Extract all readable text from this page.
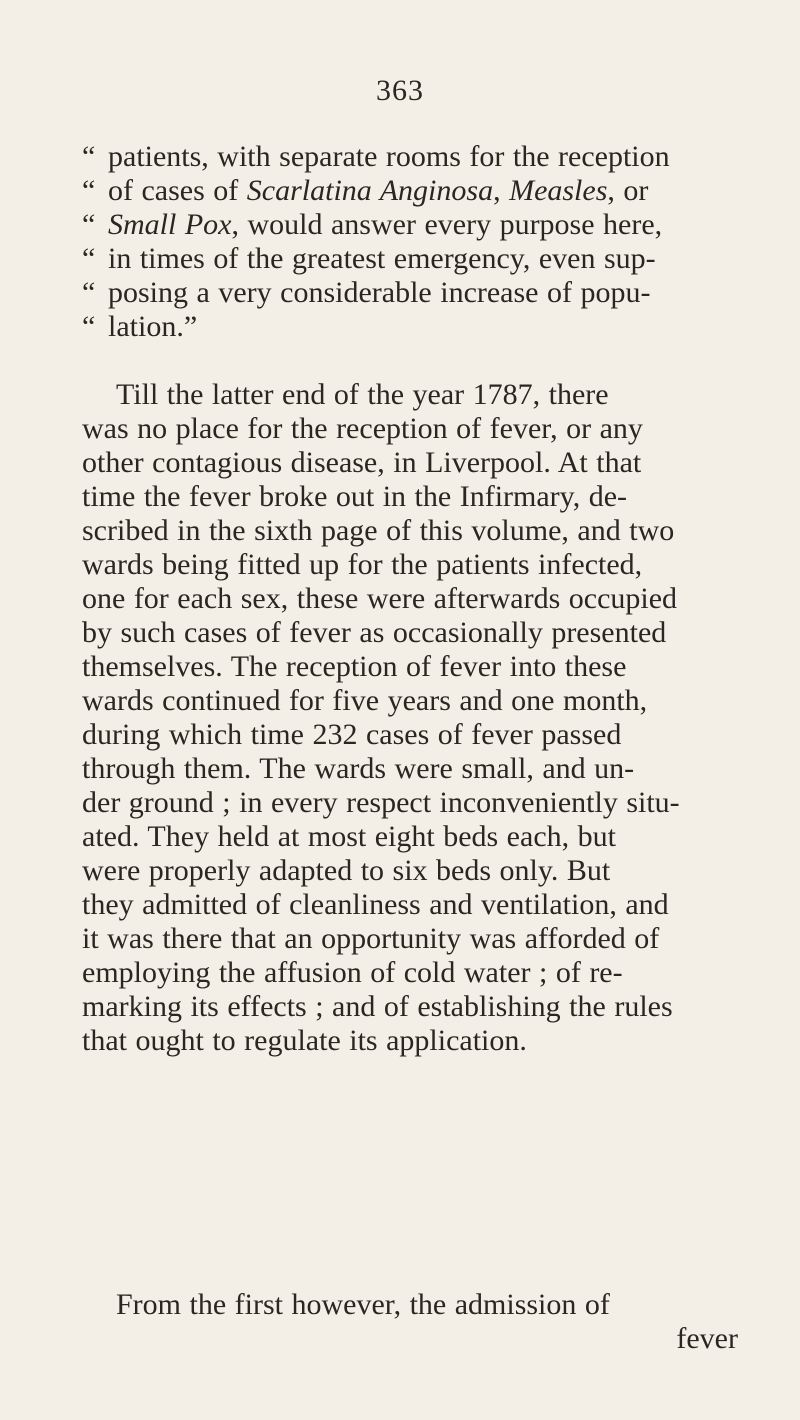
363
“ patients, with separate rooms for the reception
“ of cases of Scarlatina Anginosa, Measles, or
“ Small Pox, would answer every purpose here,
“ in times of the greatest emergency, even sup-
“ posing a very considerable increase of popu-
“ lation.”
Till the latter end of the year 1787, there
was no place for the reception of fever, or any
other contagious disease, in Liverpool. At that
time the fever broke out in the Infirmary, de-
scribed in the sixth page of this volume, and two
wards being fitted up for the patients infected,
one for each sex, these were afterwards occupied
by such cases of fever as occasionally presented
themselves. The reception of fever into these
wards continued for five years and one month,
during which time 232 cases of fever passed
through them. The wards were small, and un-
der ground ; in every respect inconveniently situ-
ated. They held at most eight beds each, but
were properly adapted to six beds only. But
they admitted of cleanliness and ventilation, and
it was there that an opportunity was afforded of
employing the affusion of cold water ; of re-
marking its effects ; and of establishing the rules
that ought to regulate its application.
From the first however, the admission of
fever
